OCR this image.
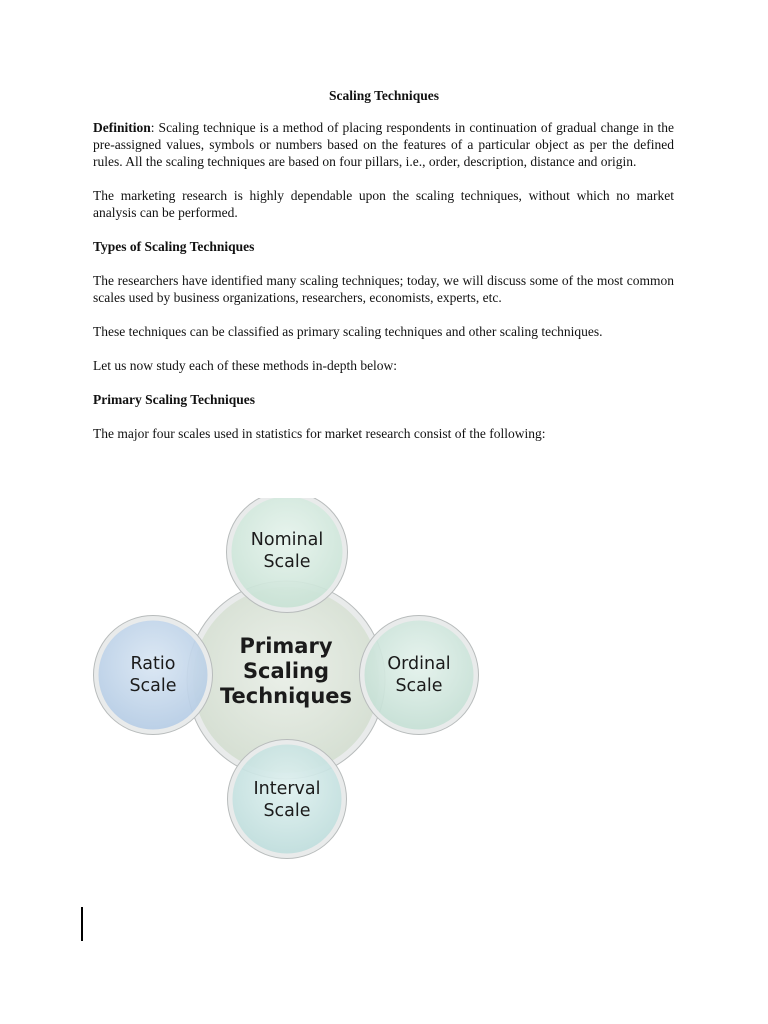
Scaling Techniques

Definition: Scaling technique is a method of placing respondents in continuation of gradual change in the pre-assigned values, symbols or numbers based on the features of a particular object as per the defined rules. All the scaling techniques are based on four pillars, i.e., order, description, distance and origin.

The marketing research is highly dependable upon the scaling techniques, without which no market analysis can be performed.

Types of Scaling Techniques

The researchers have identified many scaling techniques; today, we will discuss some of the most common scales used by business organizations, researchers, economists, experts, etc.

These techniques can be classified as primary scaling techniques and other scaling techniques.

Let us now study each of these methods in-depth below:

Primary Scaling Techniques

The major four scales used in statistics for market research consist of the following:

Primary
Scaling
Techniques
Nominal
Scale
Ratio
Scale
Ordinal
Scale
Interval
Scale
